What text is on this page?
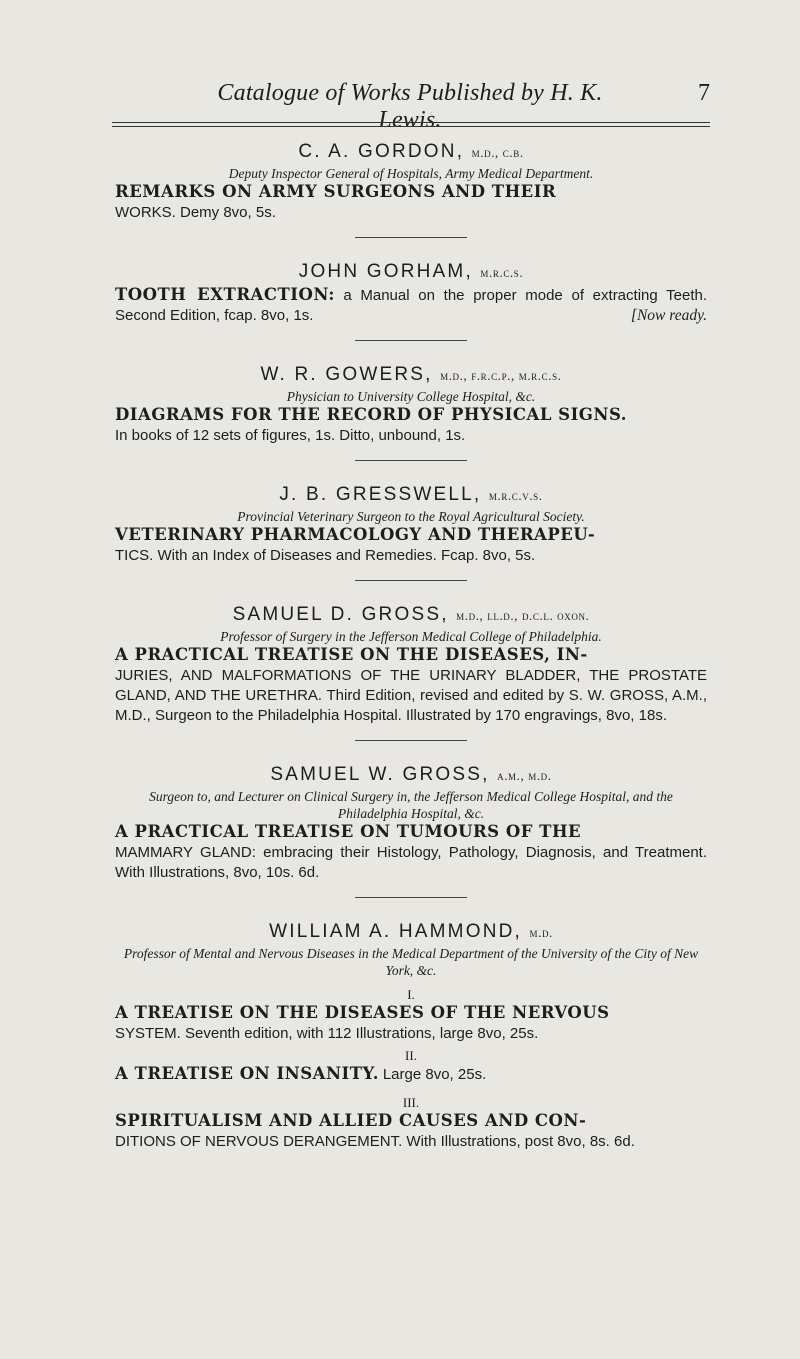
Catalogue of Works Published by H. K. Lewis.
7
C. A. GORDON, m.d., c.b.
Deputy Inspector General of Hospitals, Army Medical Department.
REMARKS ON ARMY SURGEONS AND THEIR
WORKS. Demy 8vo, 5s.
JOHN GORHAM, m.r.c.s.
TOOTH EXTRACTION: a Manual on the proper mode of extracting Teeth. Second Edition, fcap. 8vo, 1s.	[Now ready.
W. R. GOWERS, m.d., f.r.c.p., m.r.c.s.
Physician to University College Hospital, &c.
DIAGRAMS FOR THE RECORD OF PHYSICAL SIGNS.
In books of 12 sets of figures, 1s. Ditto, unbound, 1s.
J. B. GRESSWELL, m.r.c.v.s.
Provincial Veterinary Surgeon to the Royal Agricultural Society.
VETERINARY PHARMACOLOGY AND THERAPEU-
TICS. With an Index of Diseases and Remedies. Fcap. 8vo, 5s.
SAMUEL D. GROSS, m.d., ll.d., d.c.l. oxon.
Professor of Surgery in the Jefferson Medical College of Philadelphia.
A PRACTICAL TREATISE ON THE DISEASES, IN-
JURIES, AND MALFORMATIONS OF THE URINARY BLADDER, THE PROSTATE GLAND, AND THE URETHRA. Third Edition, revised and edited by S. W. GROSS, A.M., M.D., Surgeon to the Philadelphia Hospital. Illustrated by 170 engravings, 8vo, 18s.
SAMUEL W. GROSS, a.m., m.d.
Surgeon to, and Lecturer on Clinical Surgery in, the Jefferson Medical College Hospital, and the Philadelphia Hospital, &c.
A PRACTICAL TREATISE ON TUMOURS OF THE
MAMMARY GLAND: embracing their Histology, Pathology, Diagnosis, and Treatment. With Illustrations, 8vo, 10s. 6d.
WILLIAM A. HAMMOND, m.d.
Professor of Mental and Nervous Diseases in the Medical Department of the University of the City of New York, &c.
I.
A TREATISE ON THE DISEASES OF THE NERVOUS
SYSTEM. Seventh edition, with 112 Illustrations, large 8vo, 25s.
II.
A TREATISE ON INSANITY. Large 8vo, 25s.
III.
SPIRITUALISM AND ALLIED CAUSES AND CON-
DITIONS OF NERVOUS DERANGEMENT. With Illustrations, post 8vo, 8s. 6d.
